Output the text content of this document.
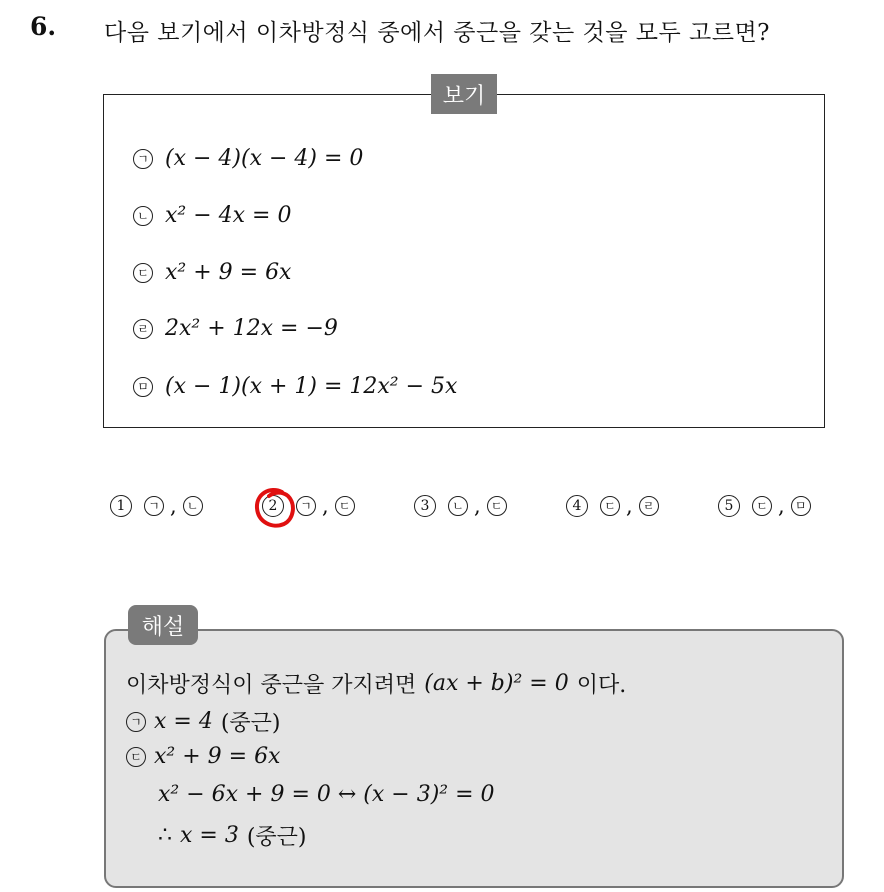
6. 다음 보기에서 이차방정식 중에서 중근을 갖는 것을 모두 고르면?
보기
ㄱ (x − 4)(x − 4) = 0
ㄴ x² − 4x = 0
ㄷ x² + 9 = 6x
ㄹ 2x² + 12x = −9
ㅁ (x − 1)(x + 1) = 12x² − 5x
1	ㄱ , ㄴ	2	ㄱ , ㄷ	3	ㄴ , ㄷ	4	ㄷ , ㄹ	5	ㄷ , ㅁ
해설
이차방정식이 중근을 가지려면 (ax + b)² = 0 이다.
ㄱ x = 4 (중근)
ㄷ x² + 9 = 6x
x² − 6x + 9 = 0 ↔ (x − 3)² = 0
∴ x = 3 (중근)
